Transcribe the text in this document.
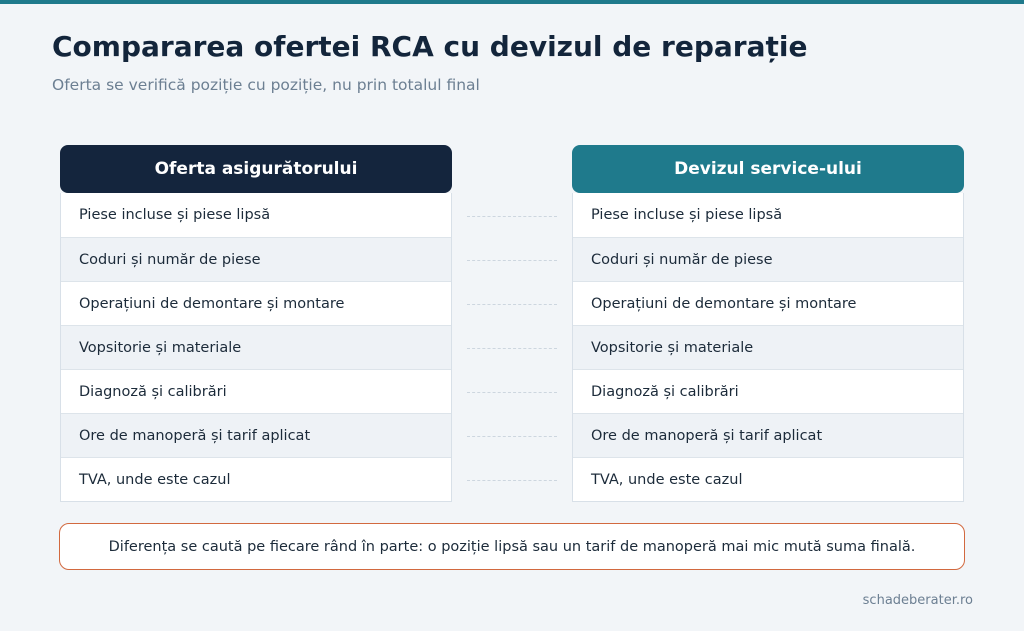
Compararea ofertei RCA cu devizul de reparație
Oferta se verifică poziție cu poziție, nu prin totalul final
Oferta asigurătorului
Piese incluse și piese lipsă
Coduri și număr de piese
Operațiuni de demontare și montare
Vopsitorie și materiale
Diagnoză și calibrări
Ore de manoperă și tarif aplicat
TVA, unde este cazul
Devizul service-ului
Piese incluse și piese lipsă
Coduri și număr de piese
Operațiuni de demontare și montare
Vopsitorie și materiale
Diagnoză și calibrări
Ore de manoperă și tarif aplicat
TVA, unde este cazul
Diferența se caută pe fiecare rând în parte: o poziție lipsă sau un tarif de manoperă mai mic mută suma finală.
schadeberater.ro
